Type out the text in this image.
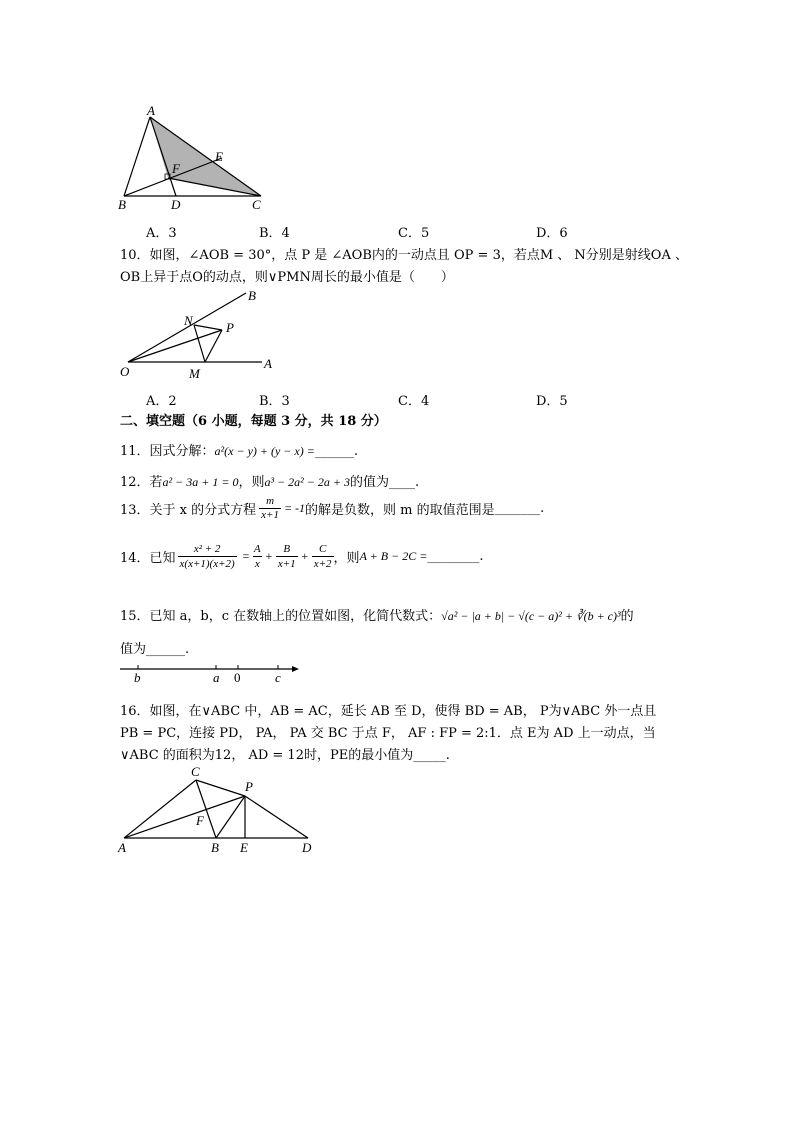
A
E
F
B	D	C
A．3	B．4	C．5	D．6
10．如图，∠AOB = 30°，点 P 是 ∠AOB内的一动点且 OP = 3，若点M 、 N分别是射线OA 、
OB上异于点O的动点，则∨PMN周长的最小值是（　　）
B
N	P
O	M
A
A．2	B．3	C．4	D．5
二、填空题（6 小题，每题 3 分，共 18 分）
11．因式分解：a²(x − y) + (y − x) =______.
12．若a² − 3a + 1 = 0，则a³ − 2a² − 2a + 3的值为____.
13．关于 x 的分式方程 $\frac{m}{x+1} = -1$ 的解是负数，则 m 的取值范围是 _______ .
14．已知 $\frac{\text{x² + 2}}{x(x+1)(x+2)} = \frac{A}{x} + \frac{B}{x+1} + \frac{C}{x+2}$ ，则 A + B − 2C = ________ .
15．已知 a，b，c 在数轴上的位置如图，化简代数式：√a² − |a + b| − √(c − a)² + ∛(b + c)³的
值为______.
b	a 0	c
16．如图，在∨ABC 中，AB = AC，延长 AB 至 D，使得 BD = AB， P为∨ABC 外一点且
PB = PC，连接 PD， PA， PA 交 BC 于点 F， AF : FP = 2:1．点 E为 AD 上一动点，当
∨ABC 的面积为12， AD = 12时，PE的最小值为_____.
C
P
F
A	B E	D
